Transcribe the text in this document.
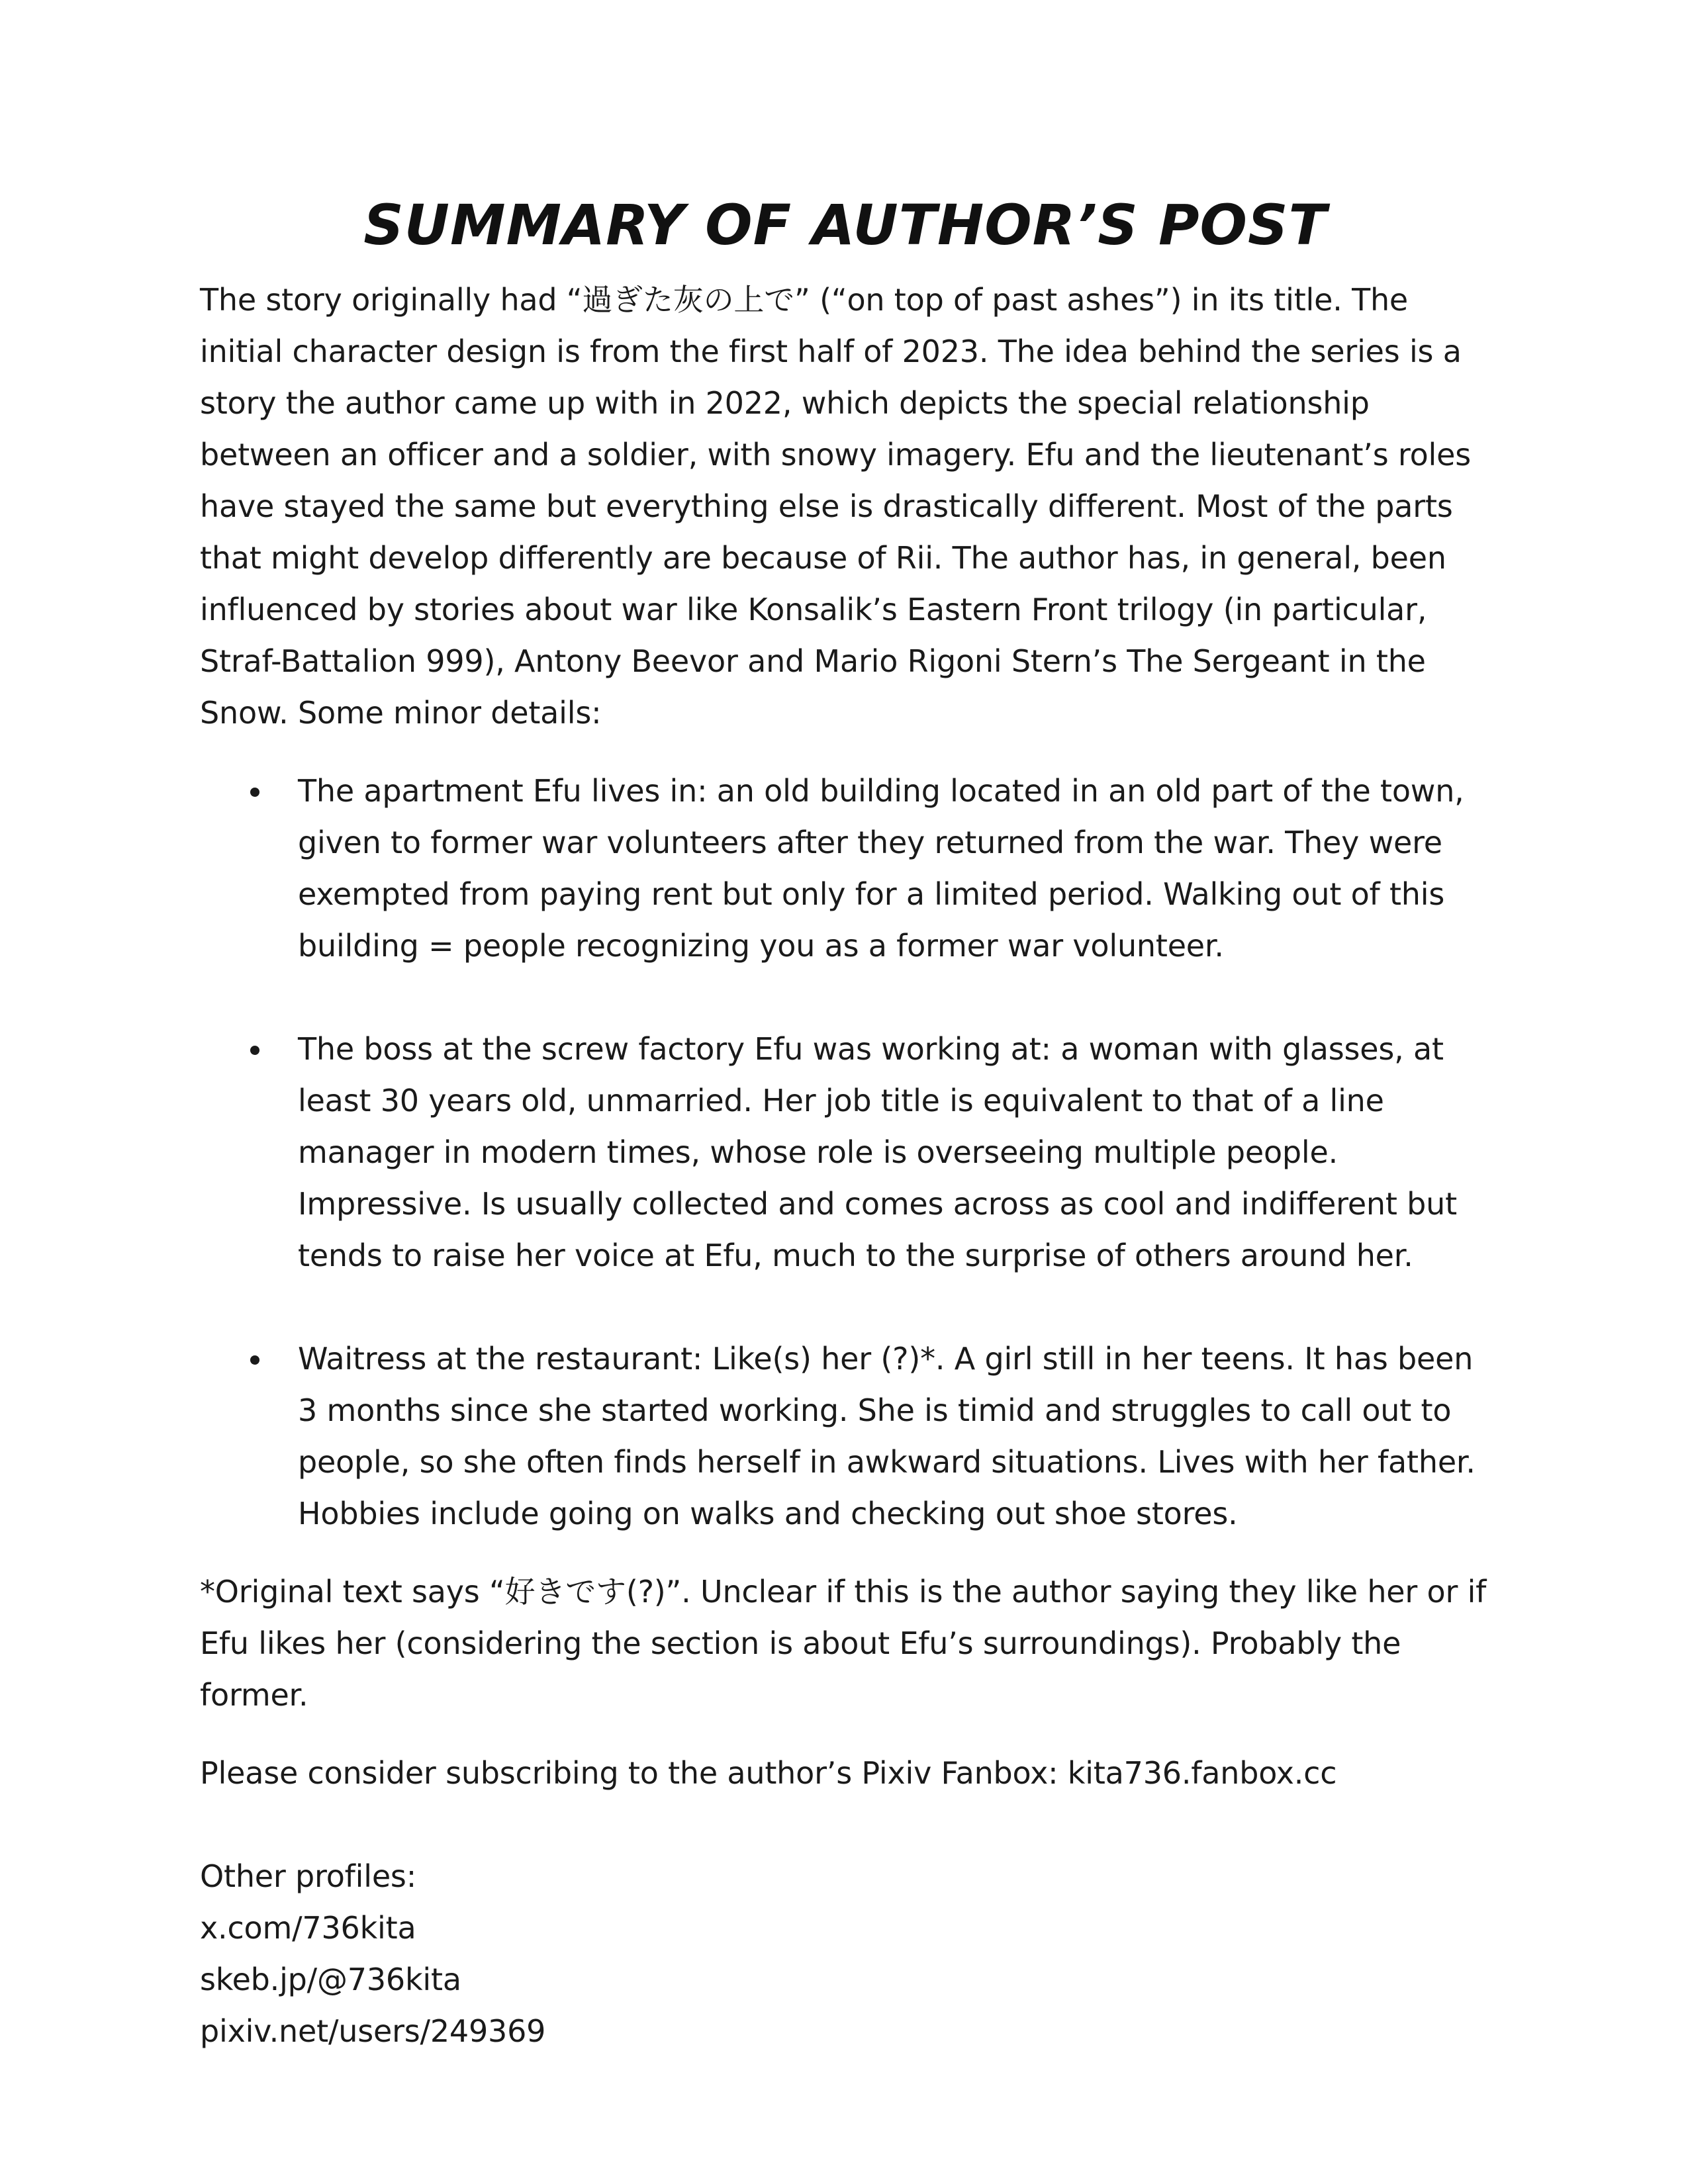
SUMMARY OF AUTHOR’S POST

The story originally had “過ぎた灰の上で” (“on top of past ashes”) in its title. The initial character design is from the first half of 2023. The idea behind the series is a story the author came up with in 2022, which depicts the special relationship between an officer and a soldier, with snowy imagery. Efu and the lieutenant’s roles have stayed the same but everything else is drastically different. Most of the parts that might develop differently are because of Rii. The author has, in general, been influenced by stories about war like Konsalik’s Eastern Front trilogy (in particular, Straf-Battalion 999), Antony Beevor and Mario Rigoni Stern’s The Sergeant in the Snow. Some minor details:

The apartment Efu lives in: an old building located in an old part of the town, given to former war volunteers after they returned from the war. They were exempted from paying rent but only for a limited period. Walking out of this building = people recognizing you as a former war volunteer.

The boss at the screw factory Efu was working at: a woman with glasses, at least 30 years old, unmarried. Her job title is equivalent to that of a line manager in modern times, whose role is overseeing multiple people. Impressive. Is usually collected and comes across as cool and indifferent but tends to raise her voice at Efu, much to the surprise of others around her.

Waitress at the restaurant: Like(s) her (?)*. A girl still in her teens. It has been 3 months since she started working. She is timid and struggles to call out to people, so she often finds herself in awkward situations. Lives with her father. Hobbies include going on walks and checking out shoe stores.

*Original text says “好きです(?)”. Unclear if this is the author saying they like her or if Efu likes her (considering the section is about Efu’s surroundings). Probably the former.

Please consider subscribing to the author’s Pixiv Fanbox: kita736.fanbox.cc

Other profiles:
x.com/736kita
skeb.jp/@736kita
pixiv.net/users/249369
